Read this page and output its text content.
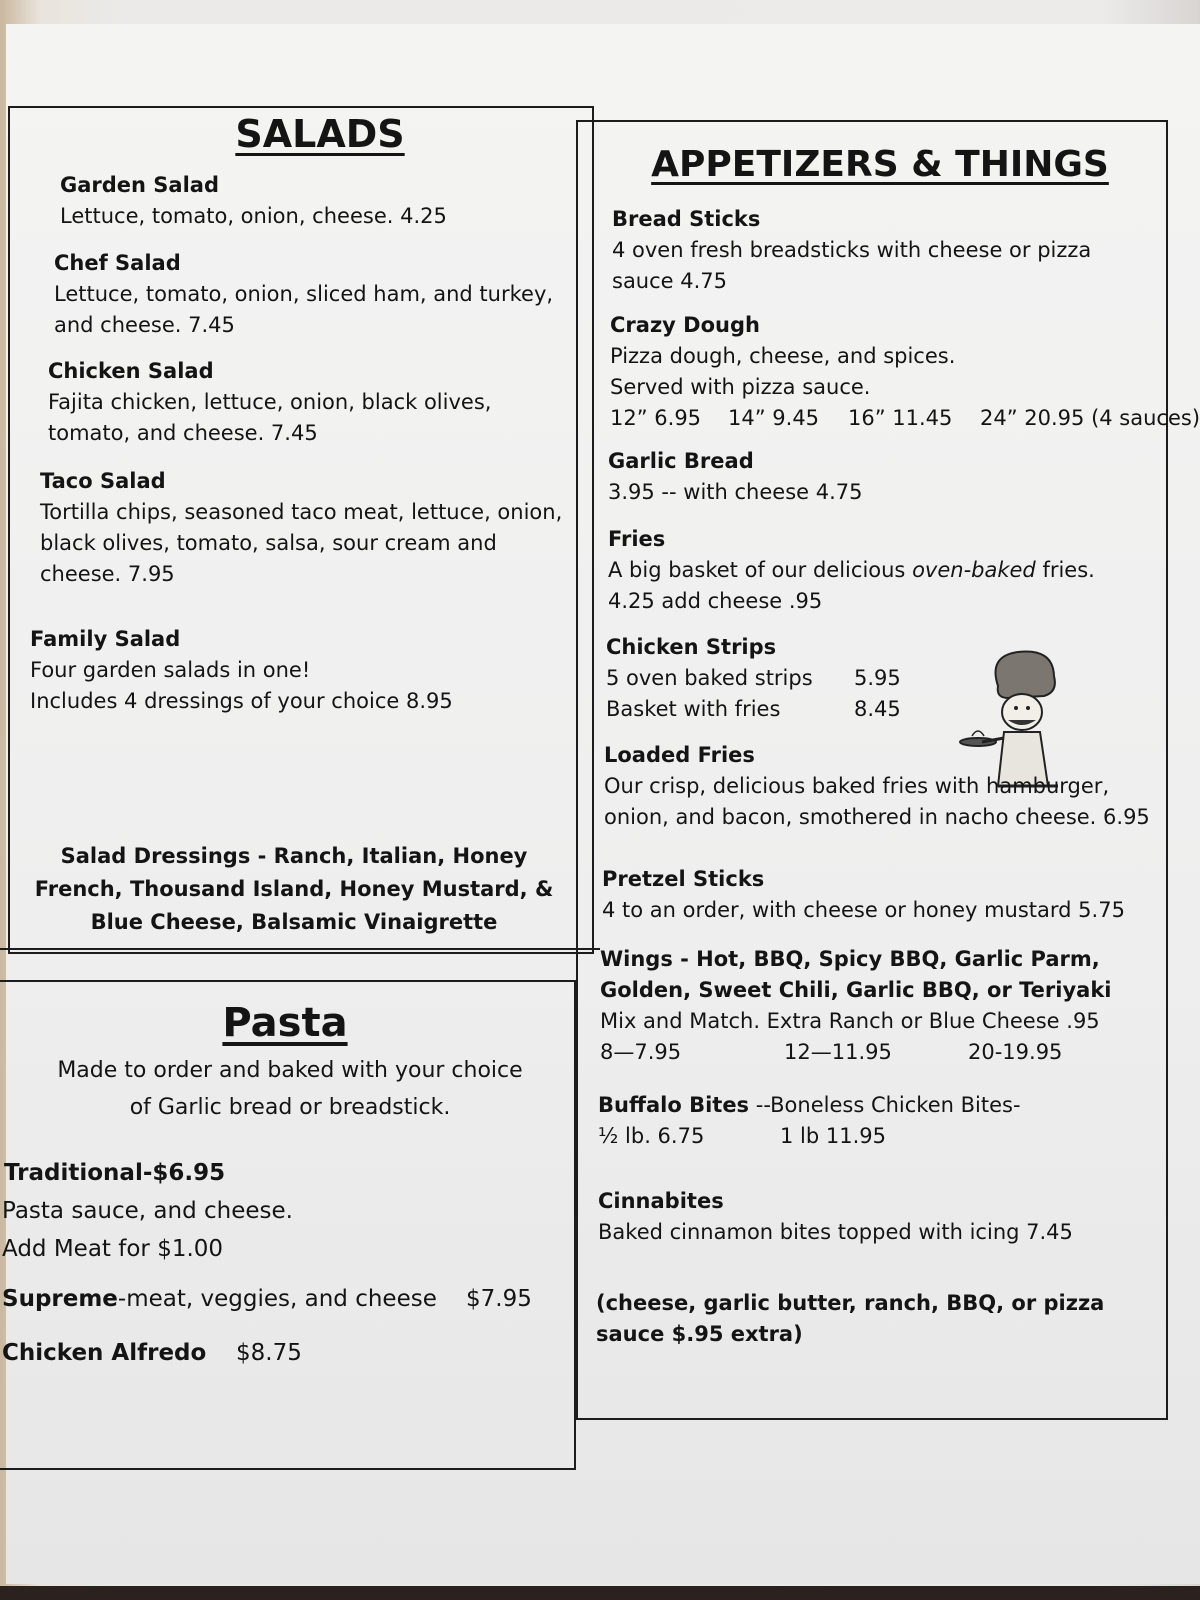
SALADS
Garden Salad
Lettuce, tomato, onion, cheese. 4.25
Chef Salad
Lettuce, tomato, onion, sliced ham, and turkey,
and cheese. 7.45
Chicken Salad
Fajita chicken, lettuce, onion, black olives,
tomato, and cheese. 7.45
Taco Salad
Tortilla chips, seasoned taco meat, lettuce, onion,
black olives, tomato, salsa, sour cream and
cheese. 7.95
Family Salad
Four garden salads in one!
Includes 4 dressings of your choice 8.95
Salad Dressings - Ranch, Italian, Honey
French, Thousand Island, Honey Mustard, &
Blue Cheese, Balsamic Vinaigrette
Pasta
Made to order and baked with your choice
of Garlic bread or breadstick.
Traditional-$6.95
Pasta sauce, and cheese.
Add Meat for $1.00
Supreme-meat, veggies, and cheese $7.95
Chicken Alfredo $8.75
APPETIZERS & THINGS
Bread Sticks
4 oven fresh breadsticks with cheese or pizza
sauce 4.75
Crazy Dough
Pizza dough, cheese, and spices.
Served with pizza sauce.
12” 6.95 14” 9.45 16” 11.45 24” 20.95 (4 sauces)
Garlic Bread
3.95 -- with cheese 4.75
Fries
A big basket of our delicious oven-baked fries.
4.25 add cheese .95
Chicken Strips
5 oven baked strips 5.95
Basket with fries	8.45
Loaded Fries
Our crisp, delicious baked fries with hamburger,
onion, and bacon, smothered in nacho cheese. 6.95
Pretzel Sticks
4 to an order, with cheese or honey mustard 5.75
Wings - Hot, BBQ, Spicy BBQ, Garlic Parm,
Golden, Sweet Chili, Garlic BBQ, or Teriyaki
Mix and Match. Extra Ranch or Blue Cheese .95
8—7.95	12—11.95	20-19.95
Buffalo Bites --Boneless Chicken Bites-
½ lb. 6.75	1 lb 11.95
Cinnabites
Baked cinnamon bites topped with icing 7.45
(cheese, garlic butter, ranch, BBQ, or pizza
sauce $.95 extra)
